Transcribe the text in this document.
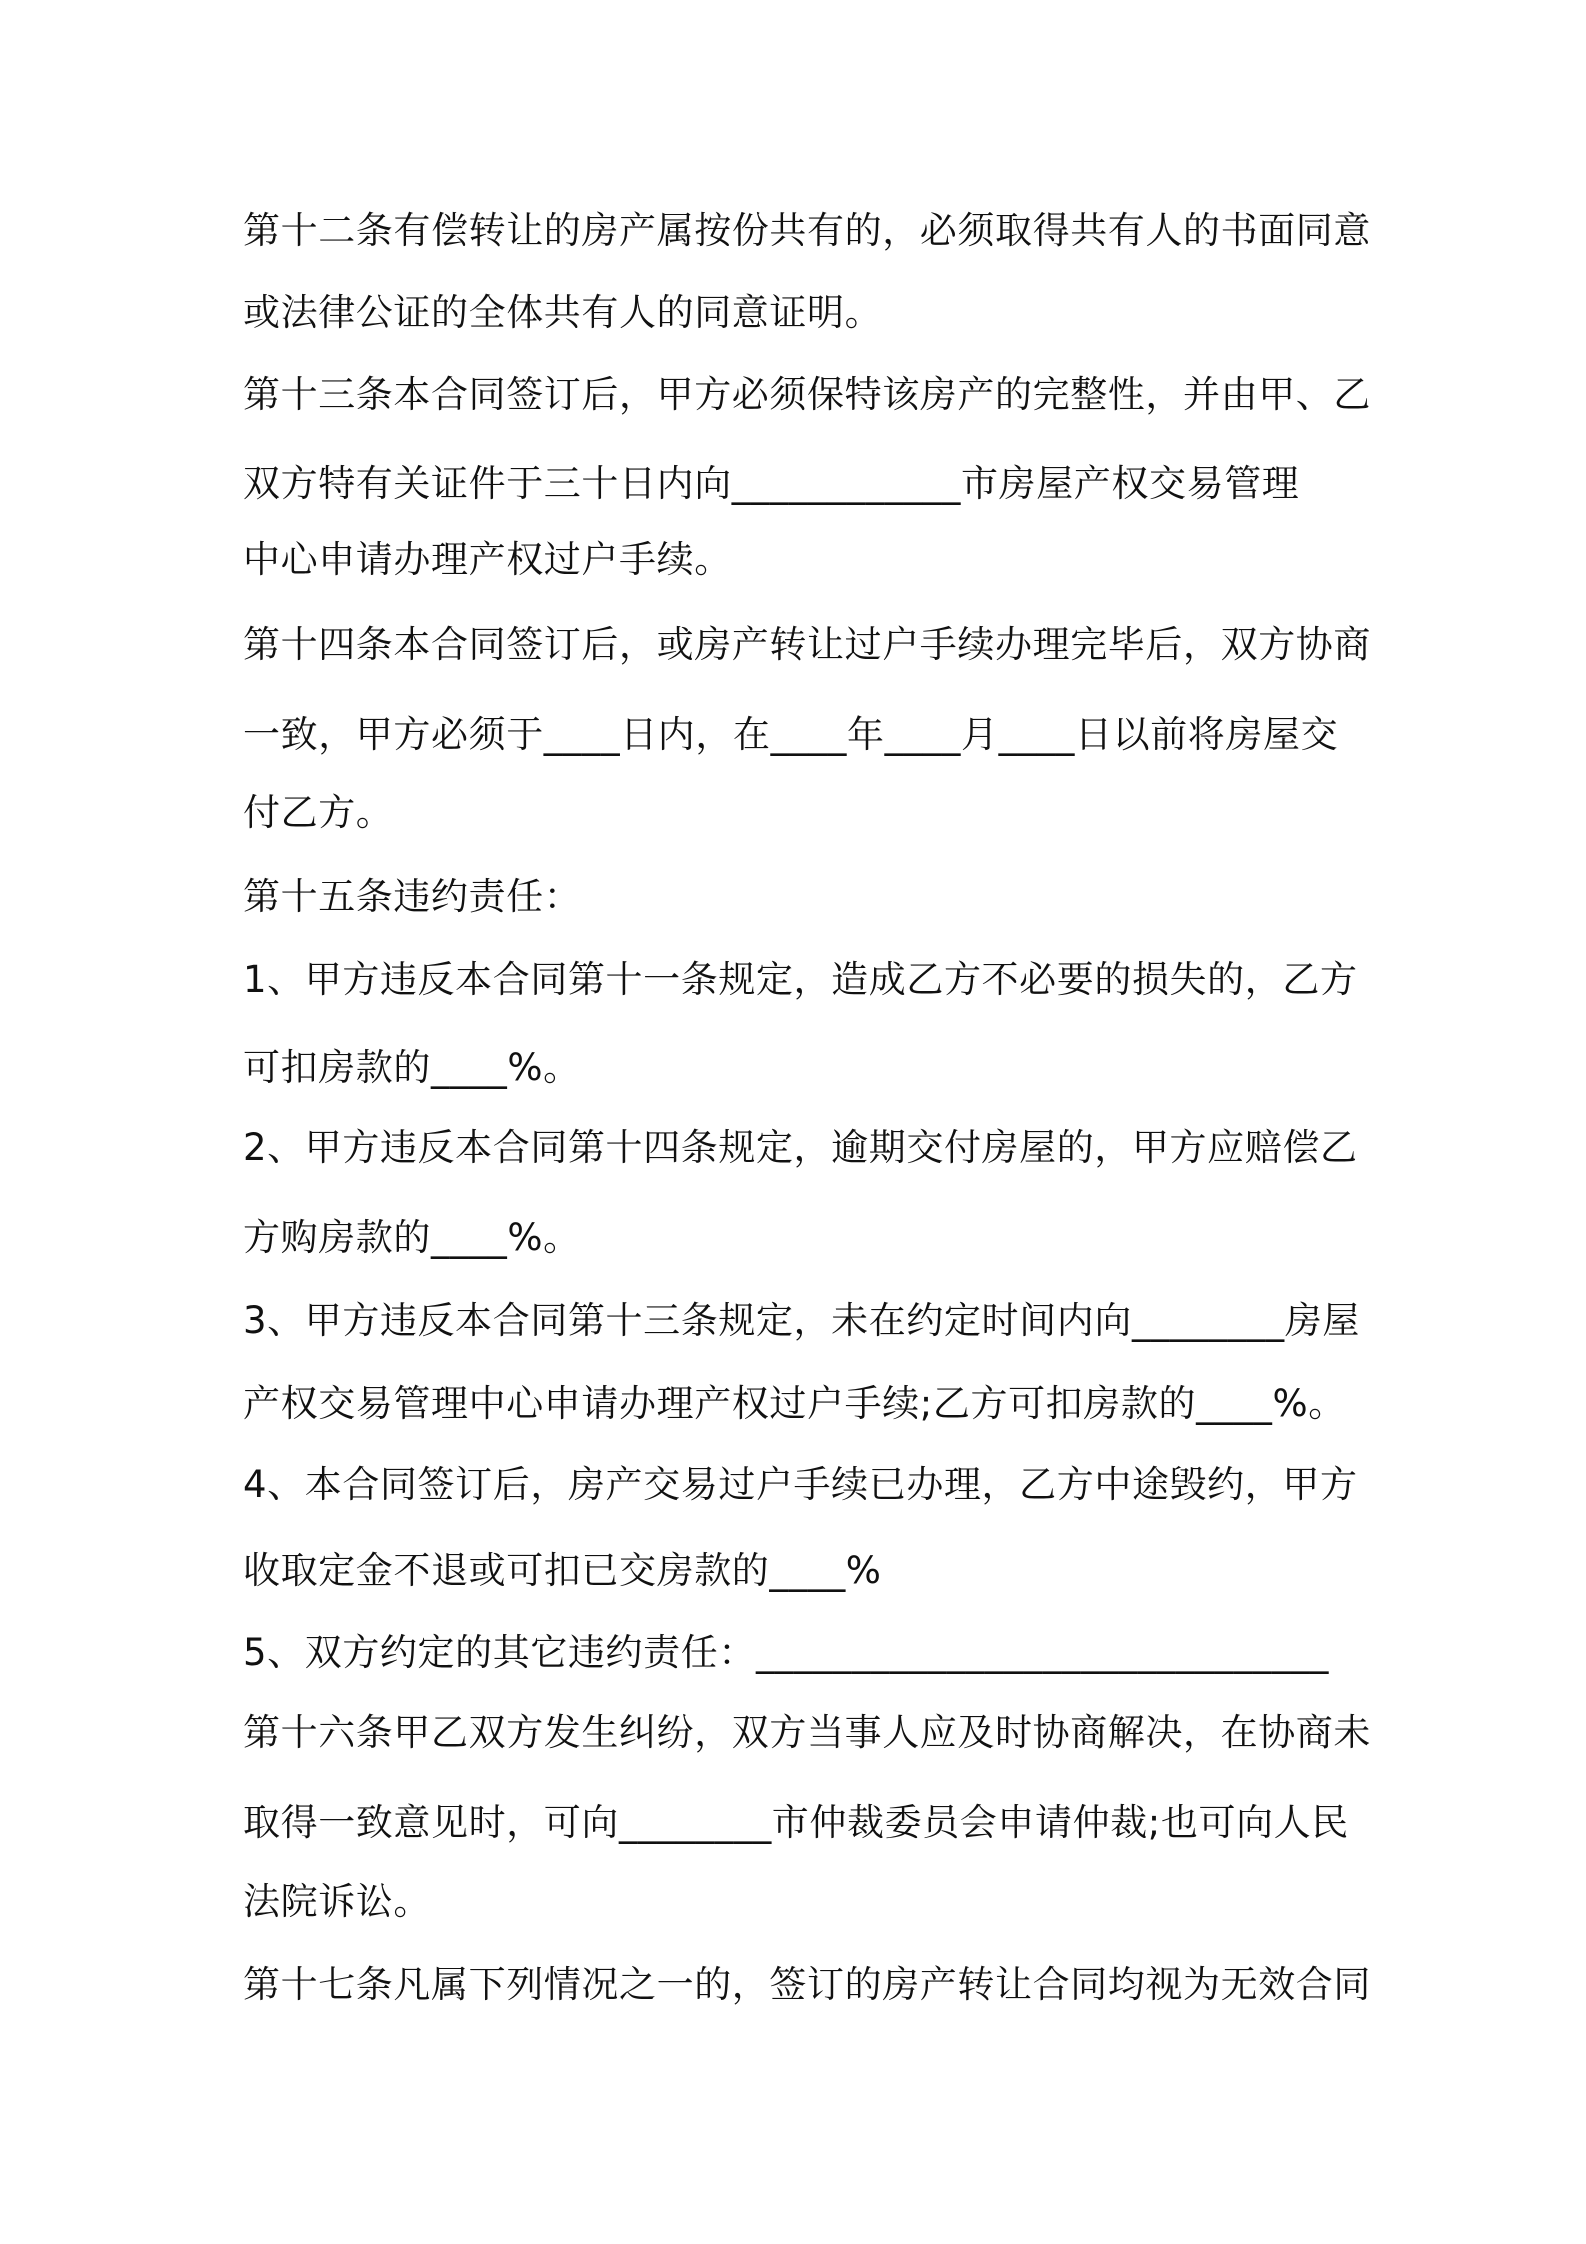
第十二条有偿转让的房产属按份共有的，必须取得共有人的书面同意

或法律公证的全体共有人的同意证明。

第十三条本合同签订后，甲方必须保特该房产的完整性，并由甲、乙

双方特有关证件于三十日内向____________市房屋产权交易管理

中心申请办理产权过户手续。

第十四条本合同签订后，或房产转让过户手续办理完毕后，双方协商

一致，甲方必须于____日内，在____年____月____日以前将房屋交

付乙方。

第十五条违约责任：

1、甲方违反本合同第十一条规定，造成乙方不必要的损失的，乙方

可扣房款的____%。

2、甲方违反本合同第十四条规定，逾期交付房屋的，甲方应赔偿乙

方购房款的____%。

3、甲方违反本合同第十三条规定，未在约定时间内向________房屋

产权交易管理中心申请办理产权过户手续;乙方可扣房款的____%。

4、本合同签订后，房产交易过户手续已办理，乙方中途毁约，甲方

收取定金不退或可扣已交房款的____%

5、双方约定的其它违约责任：______________________________

第十六条甲乙双方发生纠纷，双方当事人应及时协商解决，在协商未

取得一致意见时，可向________市仲裁委员会申请仲裁;也可向人民

法院诉讼。

第十七条凡属下列情况之一的，签订的房产转让合同均视为无效合同
